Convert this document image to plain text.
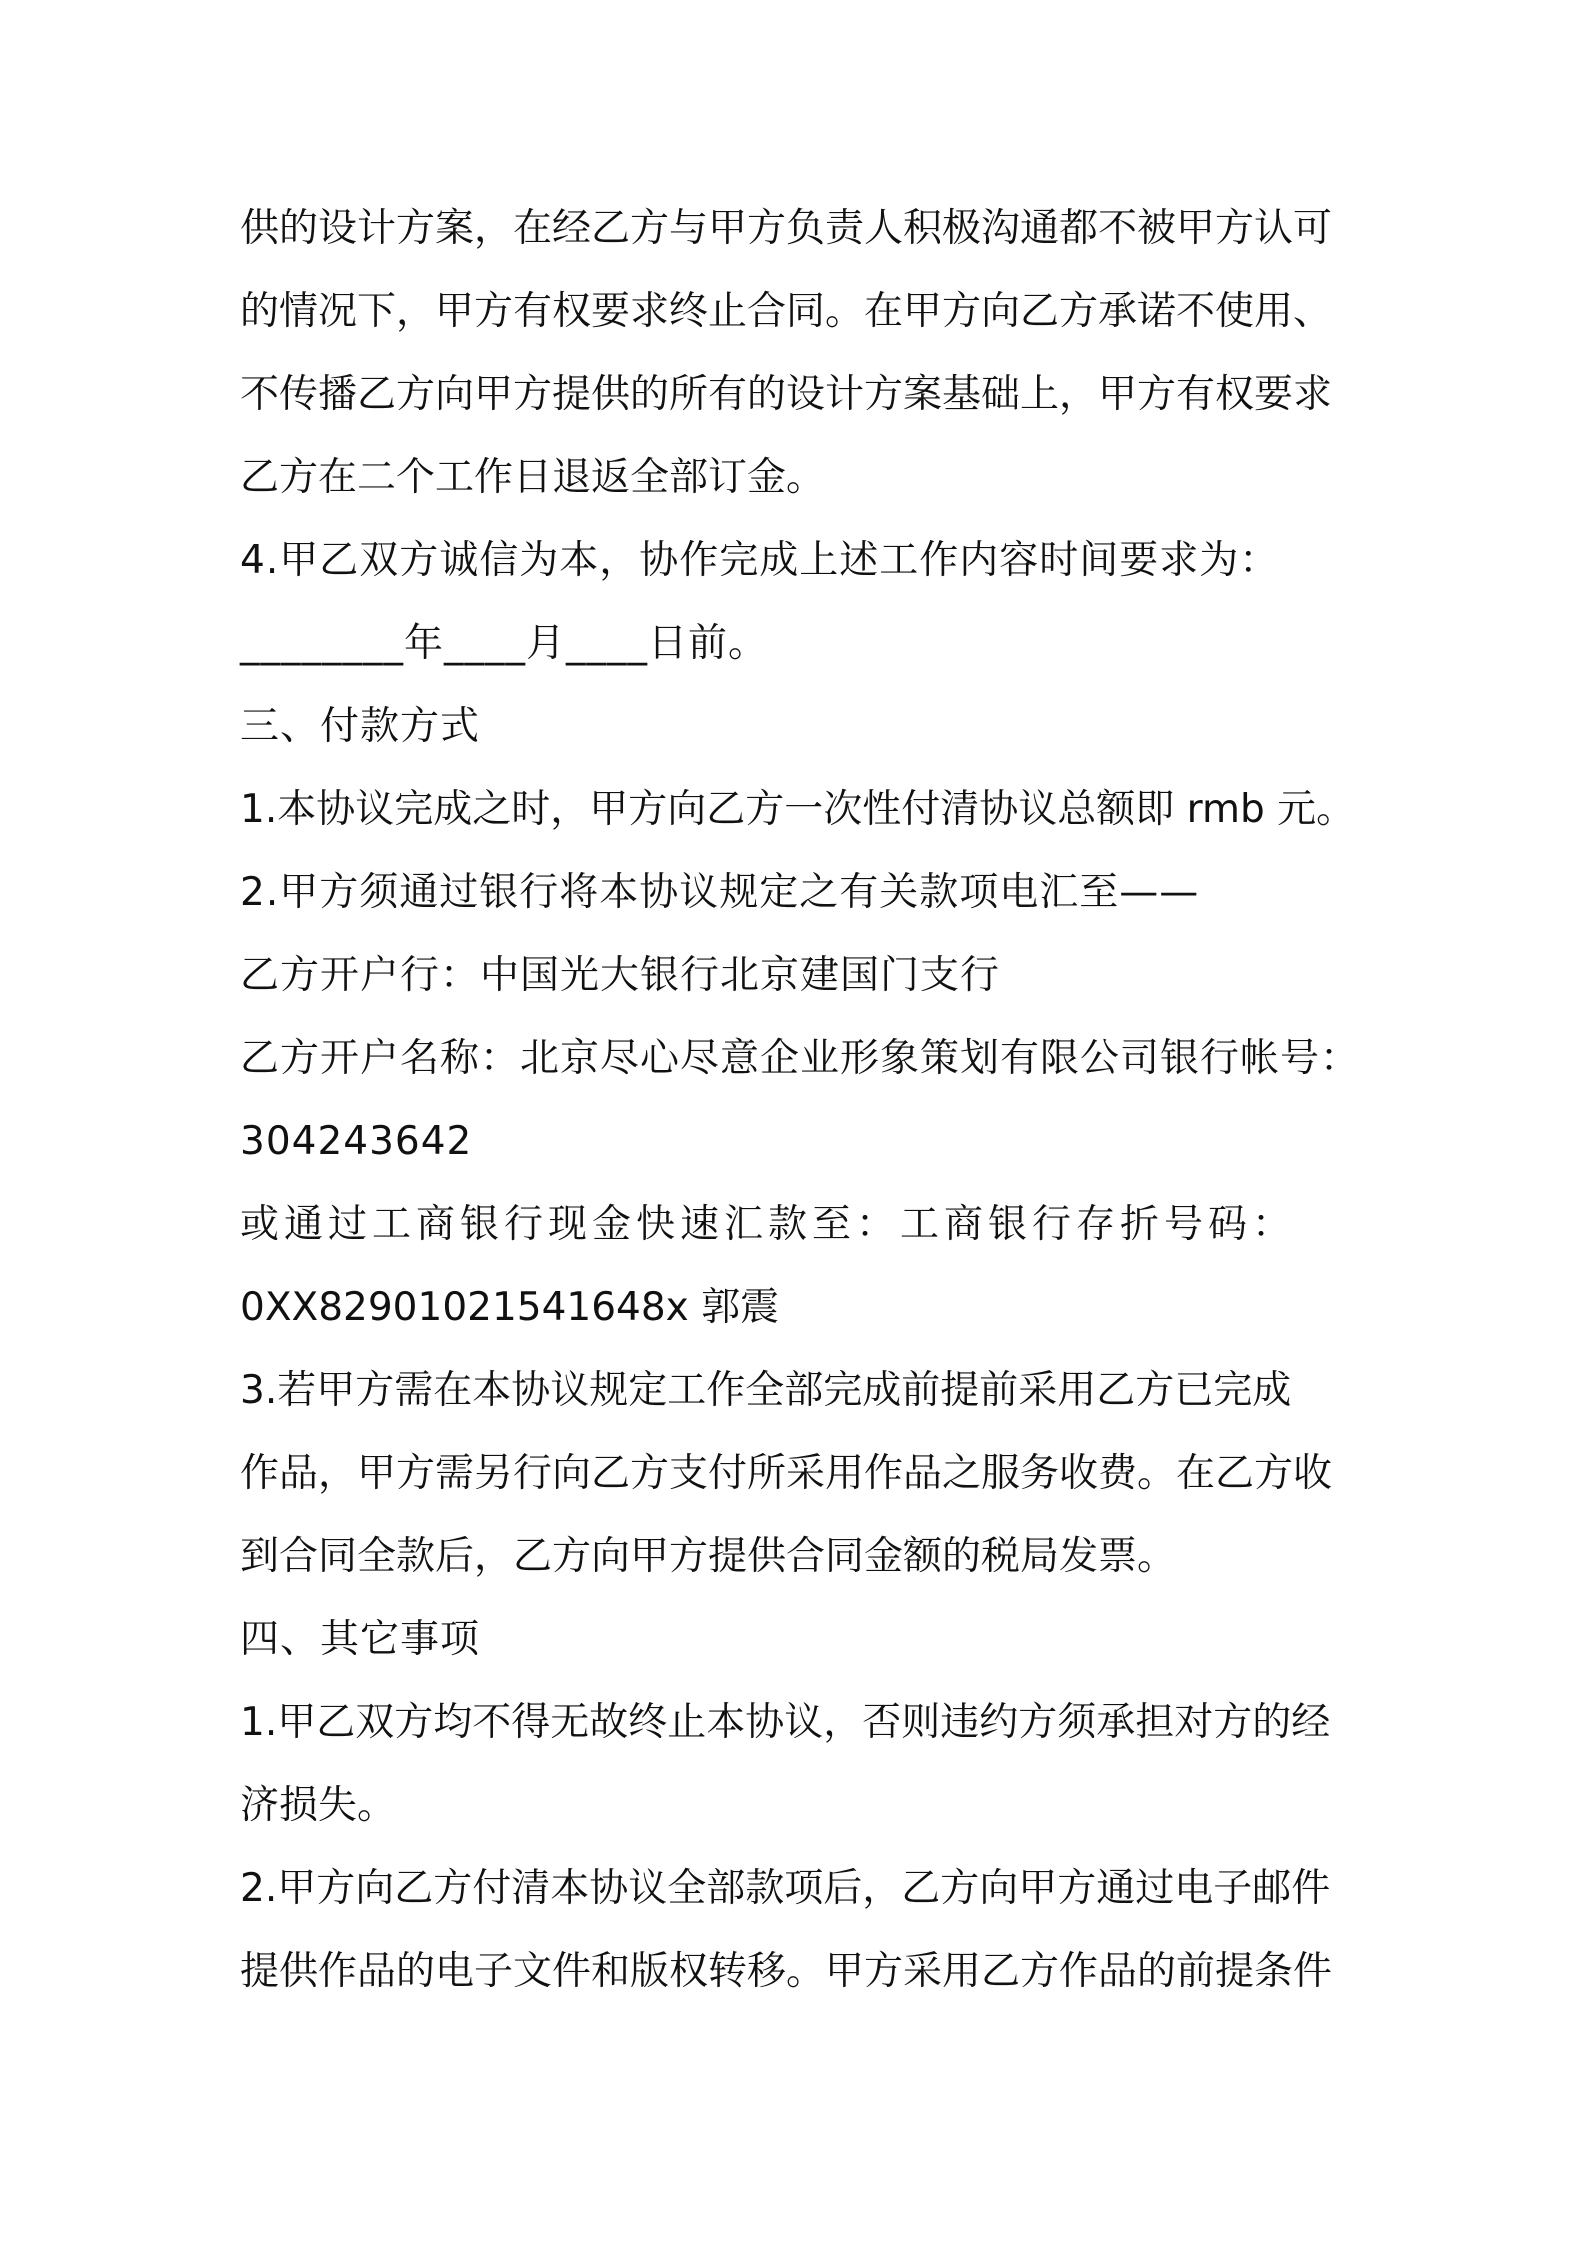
供的设计方案，在经乙方与甲方负责人积极沟通都不被甲方认可
的情况下，甲方有权要求终止合同。在甲方向乙方承诺不使用、
不传播乙方向甲方提供的所有的设计方案基础上，甲方有权要求
乙方在二个工作日退返全部订金。
4.甲乙双方诚信为本，协作完成上述工作内容时间要求为：
________年____月____日前。
三、付款方式
1.本协议完成之时，甲方向乙方一次性付清协议总额即 rmb 元。
2.甲方须通过银行将本协议规定之有关款项电汇至——
乙方开户行：中国光大银行北京建国门支行
乙方开户名称：北京尽心尽意企业形象策划有限公司银行帐号：
304243642
或通过工商银行现金快速汇款至：工商银行存折号码：
0XX82901021541648x 郭震
3.若甲方需在本协议规定工作全部完成前提前采用乙方已完成
作品，甲方需另行向乙方支付所采用作品之服务收费。在乙方收
到合同全款后，乙方向甲方提供合同金额的税局发票。
四、其它事项
1.甲乙双方均不得无故终止本协议，否则违约方须承担对方的经
济损失。
2.甲方向乙方付清本协议全部款项后，乙方向甲方通过电子邮件
提供作品的电子文件和版权转移。甲方采用乙方作品的前提条件
